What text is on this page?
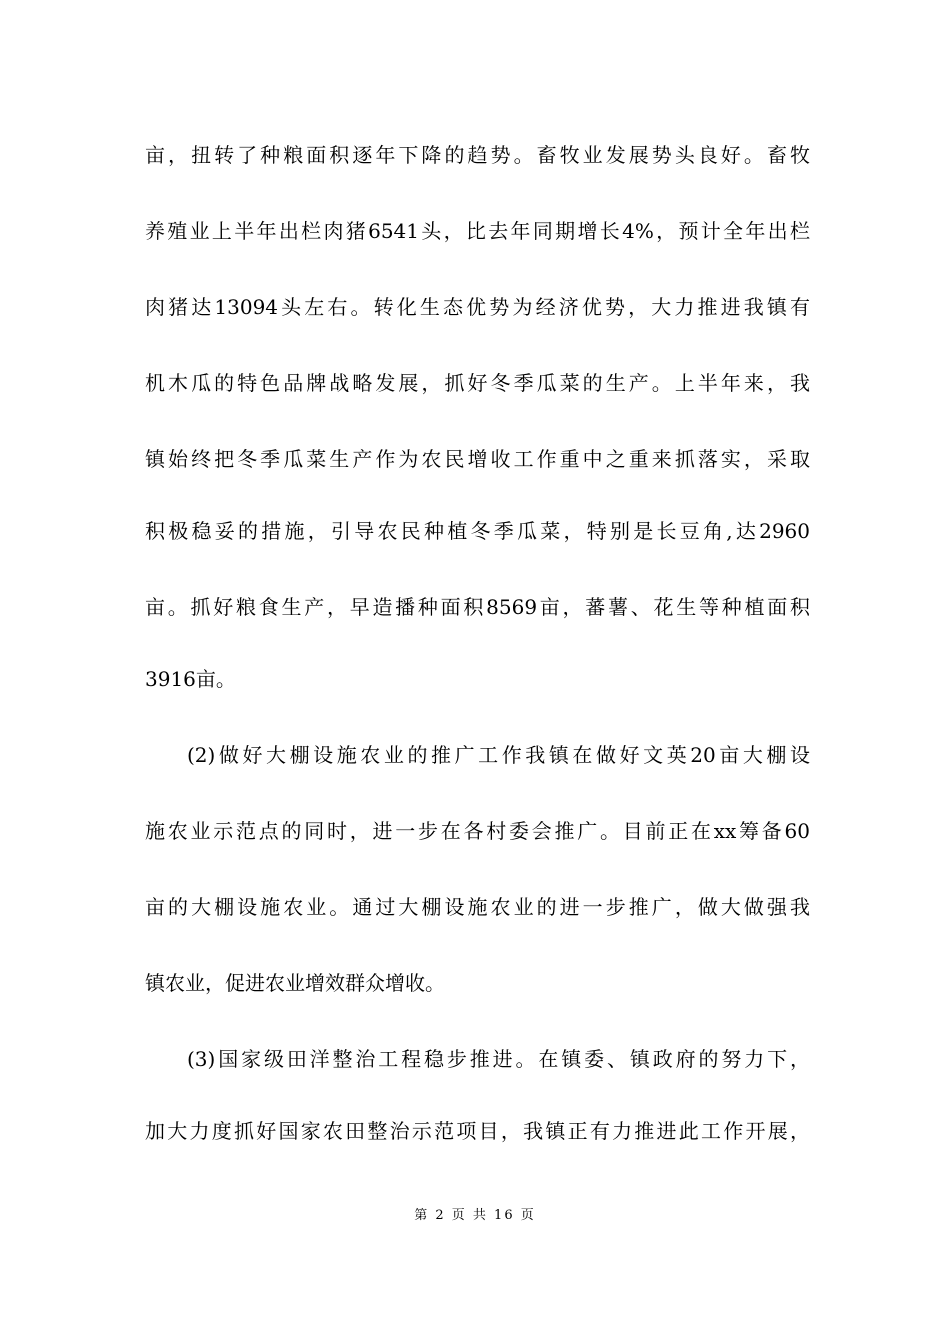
亩，扭转了种粮面积逐年下降的趋势。畜牧业发展势头良好。畜牧
养殖业上半年出栏肉猪6541头，比去年同期增长4%，预计全年出栏
肉猪达13094头左右。转化生态优势为经济优势，大力推进我镇有
机木瓜的特色品牌战略发展，抓好冬季瓜菜的生产。上半年来，我
镇始终把冬季瓜菜生产作为农民增收工作重中之重来抓落实，采取
积极稳妥的措施，引导农民种植冬季瓜菜，特别是长豆角,达2960
亩。抓好粮食生产，早造播种面积8569亩，蕃薯、花生等种植面积
3916亩。
(2)做好大棚设施农业的推广工作我镇在做好文英20亩大棚设
施农业示范点的同时，进一步在各村委会推广。目前正在xx筹备60
亩的大棚设施农业。通过大棚设施农业的进一步推广，做大做强我
镇农业，促进农业增效群众增收。
(3)国家级田洋整治工程稳步推进。在镇委、镇政府的努力下，
加大力度抓好国家农田整治示范项目，我镇正有力推进此工作开展，
第 2 页 共 16 页
